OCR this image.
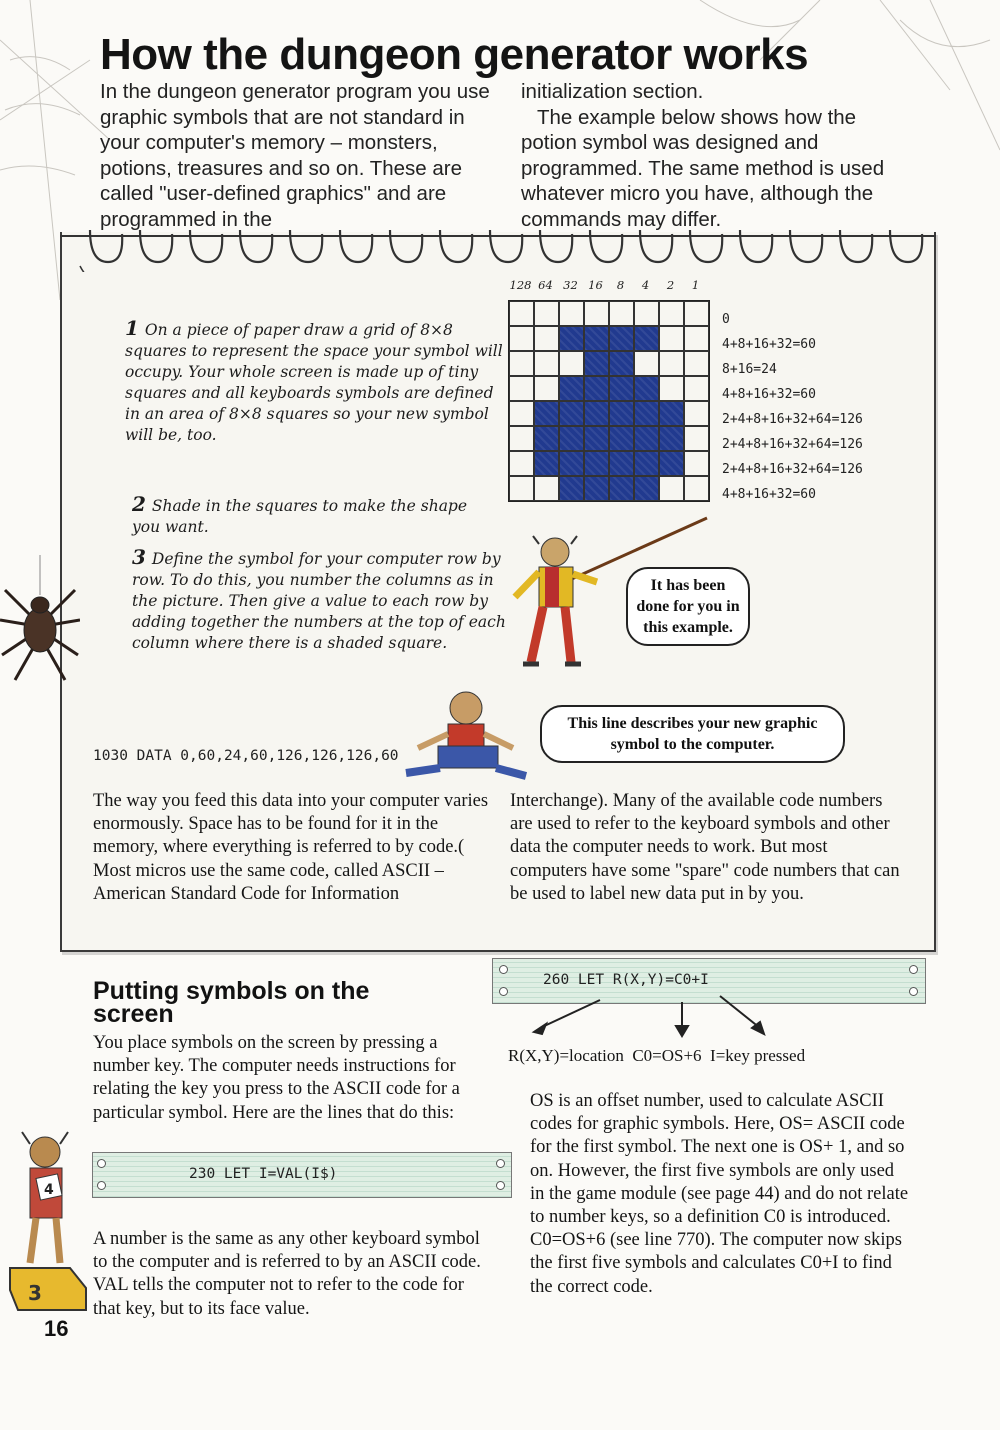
How the dungeon generator works

In the dungeon generator program you use graphic symbols that are not standard in your computer's memory – monsters, potions, treasures and so on. These are called "user-defined graphics" and are programmed in the

initialization section.

The example below shows how the potion symbol was designed and programmed. The same method is used whatever micro you have, although the commands may differ.

1 On a piece of paper draw a grid of 8×8 squares to represent the space your symbol will occupy. Your whole screen is made up of tiny squares and all keyboards symbols are defined in an area of 8×8 squares so your new symbol will be, too.
2 Shade in the squares to make the shape you want.
3 Define the symbol for your computer row by row. To do this, you number the columns as in the picture. Then give a value to each row by adding together the numbers at the top of each column where there is a shaded square.
128 64 32 16	8	4	2	1
0
4+8+16+32=60
8+16=24
4+8+16+32=60
2+4+8+16+32+64=126
2+4+8+16+32+64=126
2+4+8+16+32+64=126
4+8+16+32=60
It has been done for you in this example.
This line describes your new graphic symbol to the computer.
1030 DATA 0,60,24,60,126,126,126,60

The way you feed this data into your computer varies enormously. Space has to be found for it in the memory, where everything is referred to by code.( Most micros use the same code, called ASCII – American Standard Code for Information

Interchange). Many of the available code numbers are used to refer to the keyboard symbols and other data the computer needs to work. But most computers have some "spare" code numbers that can be used to label new data put in by you.

Putting symbols on the
screen

You place symbols on the screen by pressing a number key. The computer needs instructions for relating the key you press to the ASCII code for a particular symbol. Here are the lines that do this:

230 LET I=VAL(I$)
4
3

A number is the same as any other keyboard symbol to the computer and is referred to by an ASCII code. VAL tells the computer not to refer to the code for that key, but to its face value.

16
260 LET R(X,Y)=C0+I
R(X,Y)=location  C0=OS+6  I=key pressed

OS is an offset number, used to calculate ASCII codes for graphic symbols. Here, OS= ASCII code for the first symbol. The next one is OS+ 1, and so on. However, the first five symbols are only used in the game module (see page 44) and do not relate to number keys, so a definition C0 is introduced. C0=OS+6 (see line 770). The computer now skips the first five symbols and calculates C0+I to find the correct code.
